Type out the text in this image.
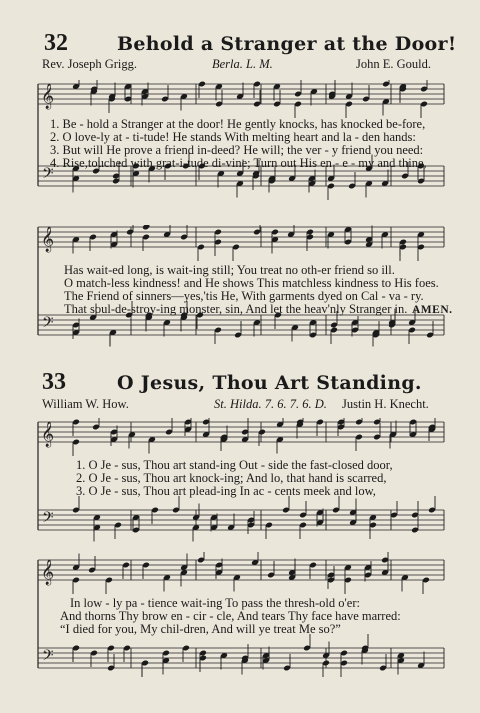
32	Behold a Stranger at the Door!
Rev. Joseph Grigg.	Berla. L. M.	John E. Gould.
𝄞
𝄢
1. Be - hold a Stranger at the door! He gently knocks, has knocked be-fore,
2. O love-ly at - ti-tude! He stands With melting heart and la - den hands:
3. But will He prove a friend in-deed? He will; the ver - y friend you need:
4. Rise,touched with grat-i-tude di-vine; Turn out His en - e - my and thine,
𝄞
𝄢
Has wait-ed long, is wait-ing still; You treat no oth-er friend so ill.
O match-less kindness! and He shows This matchless kindness to His foes.
The Friend of sinners—yes,'tis He, With garments dyed on Cal - va - ry.
That soul-de-stroy-ing monster, sin, And let the heav'nly Stranger in. AMEN.
33	O Jesus, Thou Art Standing.
William W. How.	St. Hilda. 7. 6. 7. 6. D. Justin H. Knecht.
𝄞
𝄢
1. O Je - sus, Thou art stand-ing Out - side the fast-closed door,
2. O Je - sus, Thou art knock-ing; And lo, that hand is scarred,
3. O Je - sus, Thou art plead-ing In ac - cents meek and low,
𝄞
𝄢
In low - ly pa - tience wait-ing To pass the thresh-old o'er:
And thorns Thy brow en - cir - cle, And tears Thy face have marred:
“I died for you, My chil-dren, And will ye treat Me so?”
